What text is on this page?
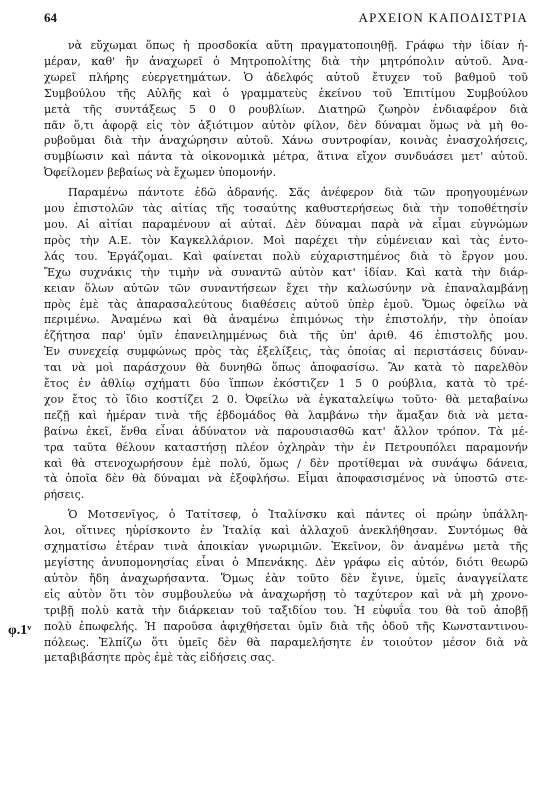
64	ΑΡΧΕΙΟΝ ΚΑΠΟΔΙΣΤΡΙΑ
φ.1ᵛ
νὰ εὔχωμαι ὅπως ἡ προσδοκία αὕτη πραγματοποιηθῇ. Γράφω τὴν ἰδίαν ἡ-
μέραν, καθ' ἣν ἀναχωρεῖ ὁ Μητροπολίτης διὰ τὴν μητρόπολιν αὐτοῦ. Ἀνα-
χωρεῖ πλήρης εὐεργετημάτων. Ὁ ἀδελφός αὐτοῦ ἔτυχεν τοῦ βαθμοῦ τοῦ
Συμβούλου τῆς Αὐλῆς καὶ ὁ γραμματεὺς ἐκείνου τοῦ Ἐπιτίμου Συμβούλου
μετὰ τῆς συντάξεως 5 0 0 ρουβλίων. Διατηρῶ ζωηρὸν ἐνδιαφέρον διὰ
πᾶν ὅ,τι ἀφορᾷ εἰς τὸν ἀξιότιμον αὐτὸν φίλον, δὲν δύναμαι ὅμως νὰ μὴ θο-
ρυβοῦμαι διὰ τὴν ἀναχώρησιν αὐτοῦ. Χάνω συντροφίαν, κοινὰς ἐνασχολήσεις,
συμβίωσιν καὶ πάντα τὰ οἰκονομικὰ μέτρα, ἅτινα εἴχον συνδυάσει μετ' αὐτοῦ.
Ὀφείλομεν βεβαίως νὰ ἔχωμεν ὑπομονήν.
Παραμένω πάντοτε ἐδῶ ἀδρανής. Σᾶς ἀνέφερον διὰ τῶν προηγουμένων
μου ἐπιστολῶν τὰς αἰτίας τῆς τοσαύτης καθυστερήσεως διὰ τὴν τοποθέτησίν
μου. Αἱ αἰτίαι παραμένουν αἱ αὐταί. Δὲν δύναμαι παρὰ νὰ εἶμαι εὐγνώμων
πρὸς τὴν Α.Ε. τὸν Καγκελλάριον. Μοὶ παρέχει τὴν εὐμένειαν καὶ τὰς ἐντο-
λάς του. Ἐργάζομαι. Καὶ φαίνεται πολὺ εὐχαριστημένος διὰ τὸ ἔργον μου.
Ἔχω συχνάκις τὴν τιμὴν νὰ συναντῶ αὐτὸν κατ' ἰδίαν. Καὶ κατὰ τὴν διάρ-
κειαν ὅλων αὐτῶν τῶν συναντήσεων ἔχει τὴν καλωσύνην νὰ ἐπαναλαμβάνῃ
πρὸς ἐμὲ τὰς ἀπαρασαλεύτους διαθέσεις αὐτοῦ ὑπὲρ ἐμοῦ. Ὅμως ὀφείλω νὰ
περιμένω. Ἀναμένω καὶ θὰ ἀναμένω ἐπιμόνως τὴν ἐπιστολήν, τὴν ὁποίαν
ἐζήτησα παρ' ὑμῖν ἐπανειλημμένως διὰ τῆς ὑπ' ἀριθ. 46 ἐπιστολῆς μου.
Ἐν συνεχείᾳ συμφώνως πρὸς τὰς ἐξελίξεις, τὰς ὁποίας αἱ περιστάσεις δύναν-
ται νὰ μοὶ παράσχουν θὰ δυνηθῶ ὅπως ἀποφασίσω. Ἂν κατὰ τὸ παρελθὸν
ἔτος ἐν ἀθλίῳ σχήματι δύο ἵππων ἐκόστιζεν 1 5 0 ρούβλια, κατὰ τὸ τρέ-
χον ἔτος τὸ ἴδιο κοστίζει 2 0. Ὀφείλω νὰ ἐγκαταλείψω τοῦτο· θὰ μεταβαίνω
πεζῇ καὶ ἡμέραν τινὰ τῆς ἑβδομάδος θὰ λαμβάνω τὴν ἅμαξαν διὰ νὰ μετα-
βαίνω ἐκεῖ, ἔνθα εἶναι ἀδύνατον νὰ παρουσιασθῶ κατ' ἄλλον τρόπον. Τὰ μέ-
τρα ταῦτα θέλουν καταστήσῃ πλέον ὀχληρὰν τὴν ἐν Πετρουπόλει παραμονήν
καὶ θὰ στενοχωρήσουν ἐμὲ πολύ, ὅμως / δὲν προτίθεμαι νὰ συνάψω δάνεια,
τὰ ὁποῖα δὲν θὰ δύναμαι νὰ ἐξοφλήσω. Εἶμαι ἀποφασισμένος νὰ ὑποστῶ στε-
ρήσεις.
Ὁ Μοτσενῖγος, ὁ Τατίτσεφ, ὁ Ἰταλίνσκυ καὶ πάντες οἱ πρώην ὑπάλλη-
λοι, οἵτινες ηὑρίσκοντο ἐν Ἰταλίᾳ καὶ ἀλλαχοῦ ἀνεκλήθησαν. Συντόμως θὰ
σχηματίσω ἑτέραν τινὰ ἀποικίαν γνωριμιῶν. Ἐκεῖνον, ὃν ἀναμένω μετὰ τῆς
μεγίστης ἀνυπομονησίας εἶναι ὁ Μπενάκης. Δὲν γράφω εἰς αὐτόν, διότι θεωρῶ
αὐτὸν ἤδη ἀναχωρήσαντα. Ὅμως ἐὰν τοῦτο δὲν ἔγινε, ὑμεῖς ἀναγγείλατε
εἰς αὐτὸν ὅτι τὸν συμβουλεύω νὰ ἀναχωρήσῃ τὸ ταχύτερον καὶ νὰ μὴ χρονο-
τριβῇ πολὺ κατὰ τὴν διάρκειαν τοῦ ταξιδίου του. Ἡ εὐφυΐα του θὰ τοῦ ἀποβῇ
πολὺ ἐπωφελής. Ἡ παροῦσα ἀφιχθήσεται ὑμῖν διὰ τῆς ὁδοῦ τῆς Κωνσταντινου-
πόλεως. Ἐλπίζω ὅτι ὑμεῖς δὲν θὰ παραμελήσητε ἐν τοιούτον μέσον διὰ νὰ
μεταβιβάσητε πρὸς ἐμὲ τὰς εἰδήσεις σας.
